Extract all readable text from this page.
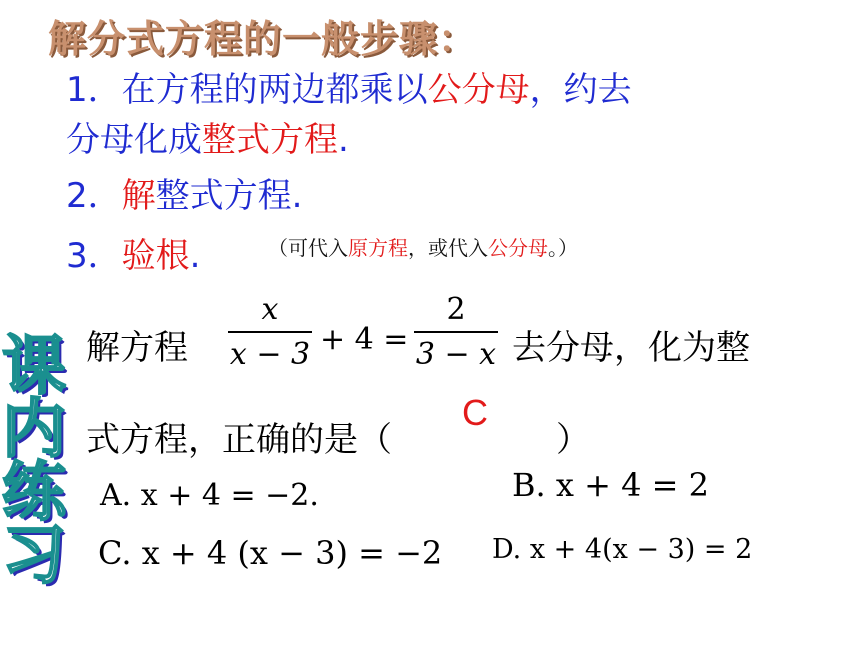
解分式方程的一般步骤：
1．在方程的两边都乘以公分母，约去
分母化成整式方程.
2．解整式方程.
3．验根.	（可代入原方程，或代入公分母。）
课
内
练
习
解方程
x
x − 3 + 4 =
2
3 − x 去分母，化为整
式方程，正确的是（
C
）
A. x + 4 = −2.	B. x + 4 = 2
C. x + 4 (x − 3) = −2 D. x + 4(x − 3) = 2
